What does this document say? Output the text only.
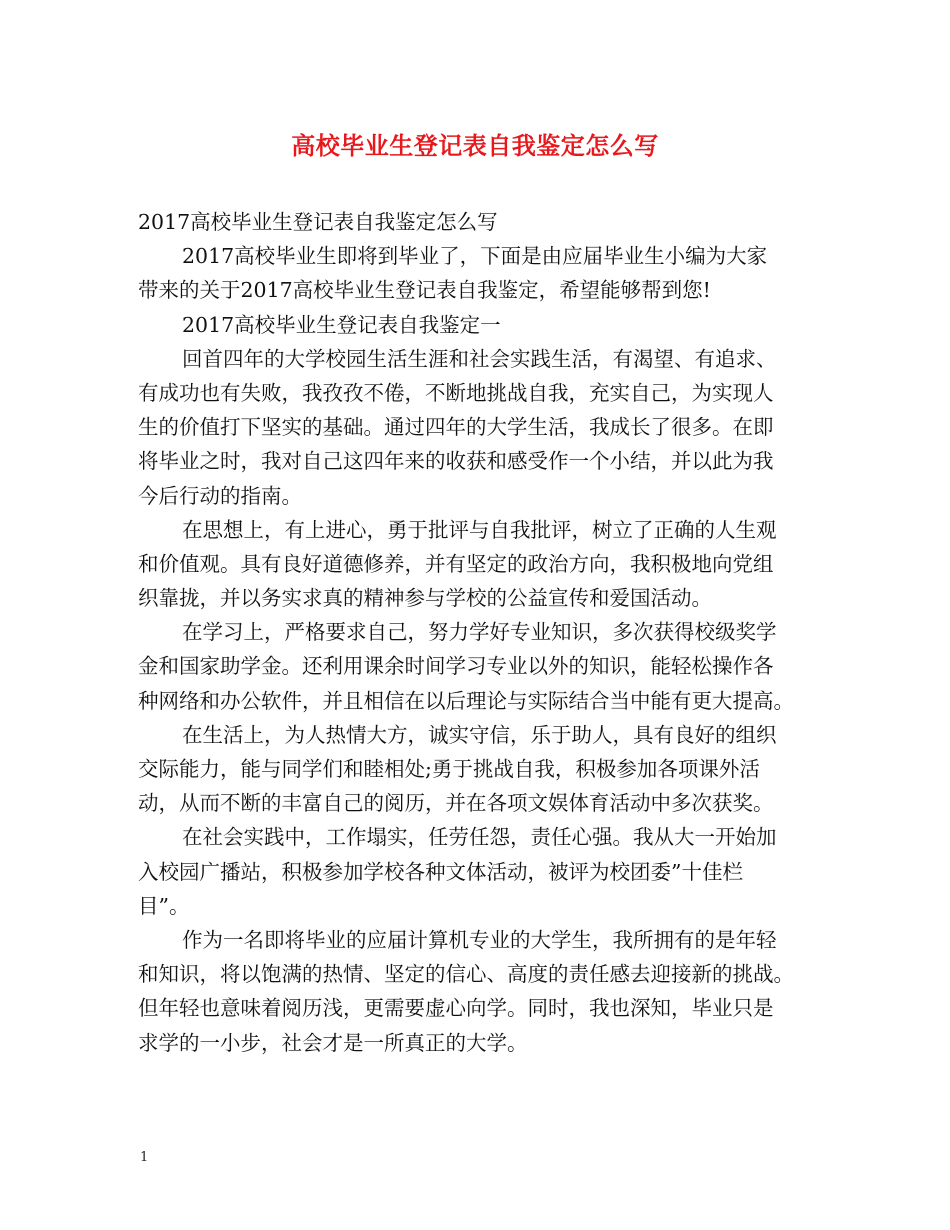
高校毕业生登记表自我鉴定怎么写
2017高校毕业生登记表自我鉴定怎么写
2017高校毕业生即将到毕业了，下面是由应届毕业生小编为大家
带来的关于2017高校毕业生登记表自我鉴定，希望能够帮到您!
2017高校毕业生登记表自我鉴定一
回首四年的大学校园生活生涯和社会实践生活，有渴望、有追求、
有成功也有失败，我孜孜不倦，不断地挑战自我，充实自己，为实现人
生的价值打下坚实的基础。通过四年的大学生活，我成长了很多。在即
将毕业之时，我对自己这四年来的收获和感受作一个小结，并以此为我
今后行动的指南。
在思想上，有上进心，勇于批评与自我批评，树立了正确的人生观
和价值观。具有良好道德修养，并有坚定的政治方向，我积极地向党组
织靠拢，并以务实求真的精神参与学校的公益宣传和爱国活动。
在学习上，严格要求自己，努力学好专业知识，多次获得校级奖学
金和国家助学金。还利用课余时间学习专业以外的知识，能轻松操作各
种网络和办公软件，并且相信在以后理论与实际结合当中能有更大提高。
在生活上，为人热情大方，诚实守信，乐于助人，具有良好的组织
交际能力，能与同学们和睦相处;勇于挑战自我，积极参加各项课外活
动，从而不断的丰富自己的阅历，并在各项文娱体育活动中多次获奖。
在社会实践中，工作塌实，任劳任怨，责任心强。我从大一开始加
入校园广播站，积极参加学校各种文体活动，被评为校团委”十佳栏
目”。
作为一名即将毕业的应届计算机专业的大学生，我所拥有的是年轻
和知识，将以饱满的热情、坚定的信心、高度的责任感去迎接新的挑战。
但年轻也意味着阅历浅，更需要虚心向学。同时，我也深知，毕业只是
求学的一小步，社会才是一所真正的大学。
1
